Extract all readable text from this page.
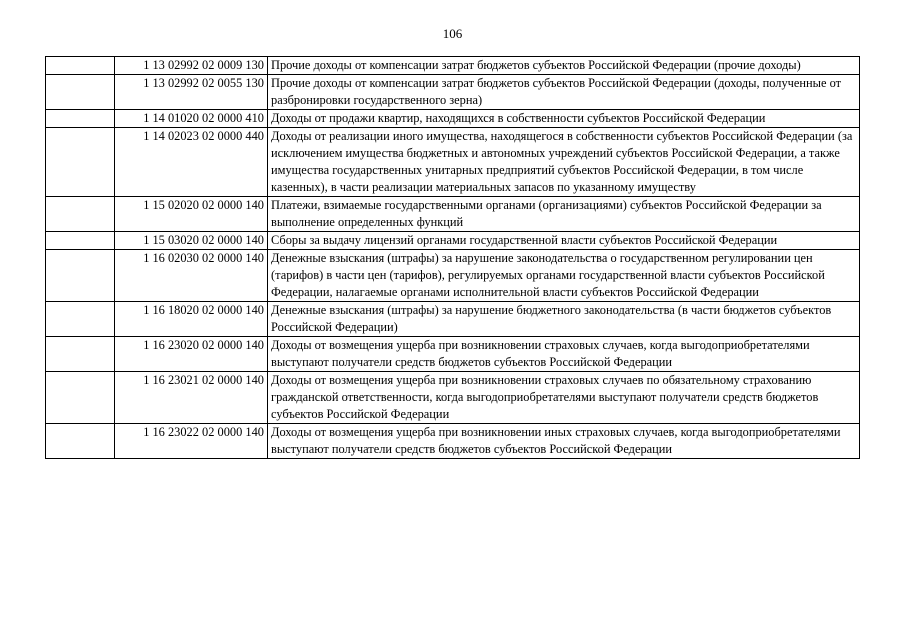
106
	1 13 02992 02 0009 130	Прочие доходы от компенсации затрат бюджетов субъектов Российской Федерации (прочие доходы)
	1 13 02992 02 0055 130	Прочие доходы от компенсации затрат бюджетов субъектов Российской Федерации (доходы, полученные от разбронировки государственного зерна)
	1 14 01020 02 0000 410	Доходы от продажи квартир, находящихся в собственности субъектов Российской Федерации
	1 14 02023 02 0000 440	Доходы от реализации иного имущества, находящегося в собственности субъектов Российской Федерации (за исключением имущества бюджетных и автономных учреждений субъектов Российской Федерации, а также имущества государственных унитарных предприятий субъектов Российской Федерации, в том числе казенных), в части реализации материальных запасов по указанному имуществу
	1 15 02020 02 0000 140	Платежи, взимаемые государственными органами (организациями) субъектов Российской Федерации за выполнение определенных функций
	1 15 03020 02 0000 140	Сборы за выдачу лицензий органами государственной власти субъектов Российской Федерации
	1 16 02030 02 0000 140	Денежные взыскания (штрафы) за нарушение законодательства о государственном регулировании цен (тарифов) в части цен (тарифов), регулируемых органами государственной власти субъектов Российской Федерации, налагаемые органами исполнительной власти субъектов Российской Федерации
	1 16 18020 02 0000 140	Денежные взыскания (штрафы) за нарушение бюджетного законодательства (в части бюджетов субъектов Российской Федерации)
	1 16 23020 02 0000 140	Доходы от возмещения ущерба при возникновении страховых случаев, когда выгодоприобретателями выступают получатели средств бюджетов субъектов Российской Федерации
	1 16 23021 02 0000 140	Доходы от возмещения ущерба при возникновении страховых случаев по обязательному страхованию гражданской ответственности, когда выгодоприобретателями выступают получатели средств бюджетов субъектов Российской Федерации
	1 16 23022 02 0000 140	Доходы от возмещения ущерба при возникновении иных страховых случаев, когда выгодоприобретателями выступают получатели средств бюджетов субъектов Российской Федерации
